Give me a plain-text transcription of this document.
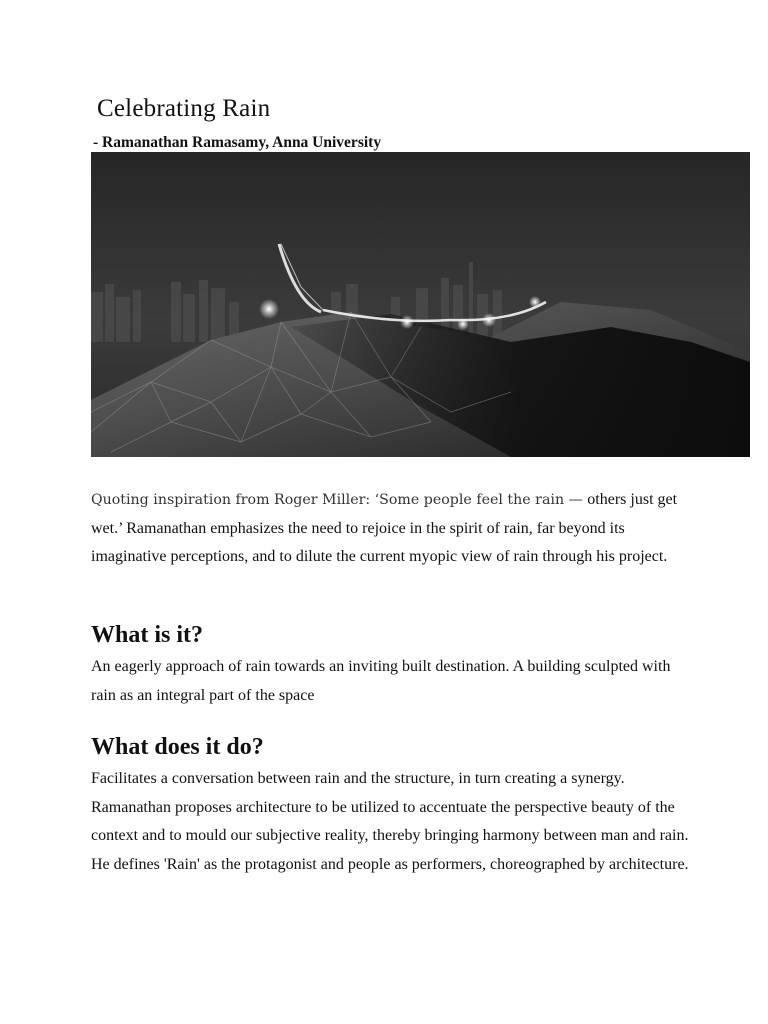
Celebrating Rain

- Ramanathan Ramasamy, Anna University

Quoting inspiration from Roger Miller: ‘Some people feel the rain — others just get wet.’ Ramanathan emphasizes the need to rejoice in the spirit of rain, far beyond its imaginative perceptions, and to dilute the current myopic view of rain through his project.

What is it?

An eagerly approach of rain towards an inviting built destination. A building sculpted with rain as an integral part of the space

What does it do?

Facilitates a conversation between rain and the structure, in turn creating a synergy. Ramanathan proposes architecture to be utilized to accentuate the perspective beauty of the context and to mould our subjective reality, thereby bringing harmony between man and rain. He defines 'Rain' as the protagonist and people as performers, choreographed by architecture.
